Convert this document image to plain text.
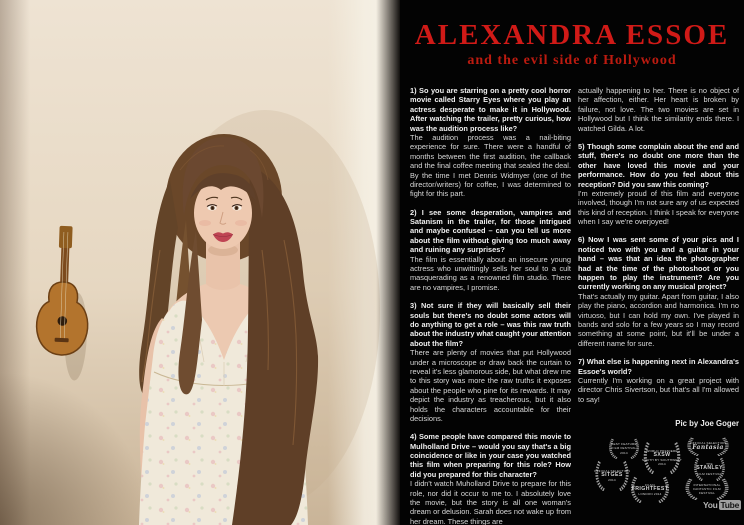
ALEXANDRA ESSOE
and the evil side of Hollywood

1) So you are starring on a pretty cool horror movie called Starry Eyes where you play an actress desperate to make it in Hollywood. After watching the trailer, pretty curious, how was the audition process like?

The audition process was a nail-biting experience for sure. There were a handful of months between the first audition, the callback and the final coffee meeting that sealed the deal. By the time I met Dennis Widmyer (one of the director/writers) for coffee, I was determined to fight for this part.

2) I see some desperation, vampires and Satanism in the trailer, for those intrigued and maybe confused – can you tell us more about the film without giving too much away and ruining any surprises?

The film is essentially about an insecure young actress who unwittingly sells her soul to a cult masquerading as a renowned film studio. There are no vampires, I promise.

3) Not sure if they will basically sell their souls but there's no doubt some actors will do anything to get a role – was this raw truth about the industry what caught your attention about the film?

There are plenty of movies that put Hollywood under a microscope or draw back the curtain to reveal it's less glamorous side, but what drew me to this story was more the raw truths it exposes about the people who pine for its rewards. It may depict the industry as treacherous, but it also holds the characters accountable for their decisions.

4) Some people have compared this movie to Mulholland Drive – would you say that's a big coincidence or like in your case you watched this film when preparing for this role? How did you prepared for this character?

I didn't watch Muholland Drive to prepare for this role, nor did it occur to me to. I absolutely love the movie, but the story is all one woman's dream or delusion. Sarah does not wake up from her dream. These things are

actually happening to her. There is no object of her affection, either. Her heart is broken by failure, not love. The two movies are set in Hollywood but I think the similarity ends there. I watched Gilda. A lot.

5) Though some complain about the end and stuff, there's no doubt one more than the other have loved this movie and your performance. How do you feel about this reception? Did you saw this coming?

I'm extremely proud of this film and everyone involved, though I'm not sure any of us expected this kind of reception. I think I speak for everyone when I say we're overjoyed!

6) Now I was sent some of your pics and I noticed two with you and a guitar in your hand – was that an idea the photographer had at the time of the photoshoot or you happen to play the instrument? Are you currently working on any musical project?

That's actually my guitar. Apart from guitar, I also play the piano, accordion and harmonica. I'm no virtuoso, but I can hold my own. I've played in bands and solo for a few years so I may record something at some point, but it'll be under a different name for sure.

7) What else is happening next in Alexandra's Essoe's world?

Currently I'm working on a great project with director Chris Sivertson, but that's all I'm allowed to say!

Pic by Joe Goger

BEST FEATURE
FILM FESTIVAL
2014	WORLD PREMIERE
SXSW
SOUTH BY SOUTHWEST
2014
OFFICIAL SELECTION
Fantasia
OFFICIAL SELECTION
SITGES
2014
THE
STANLEY
FILM FESTIVAL
FILM4
FRIGHTFEST
LONDON 2014
INTERNATIONAL
FANTASTIC FILM
FESTIVAL
You Tube
